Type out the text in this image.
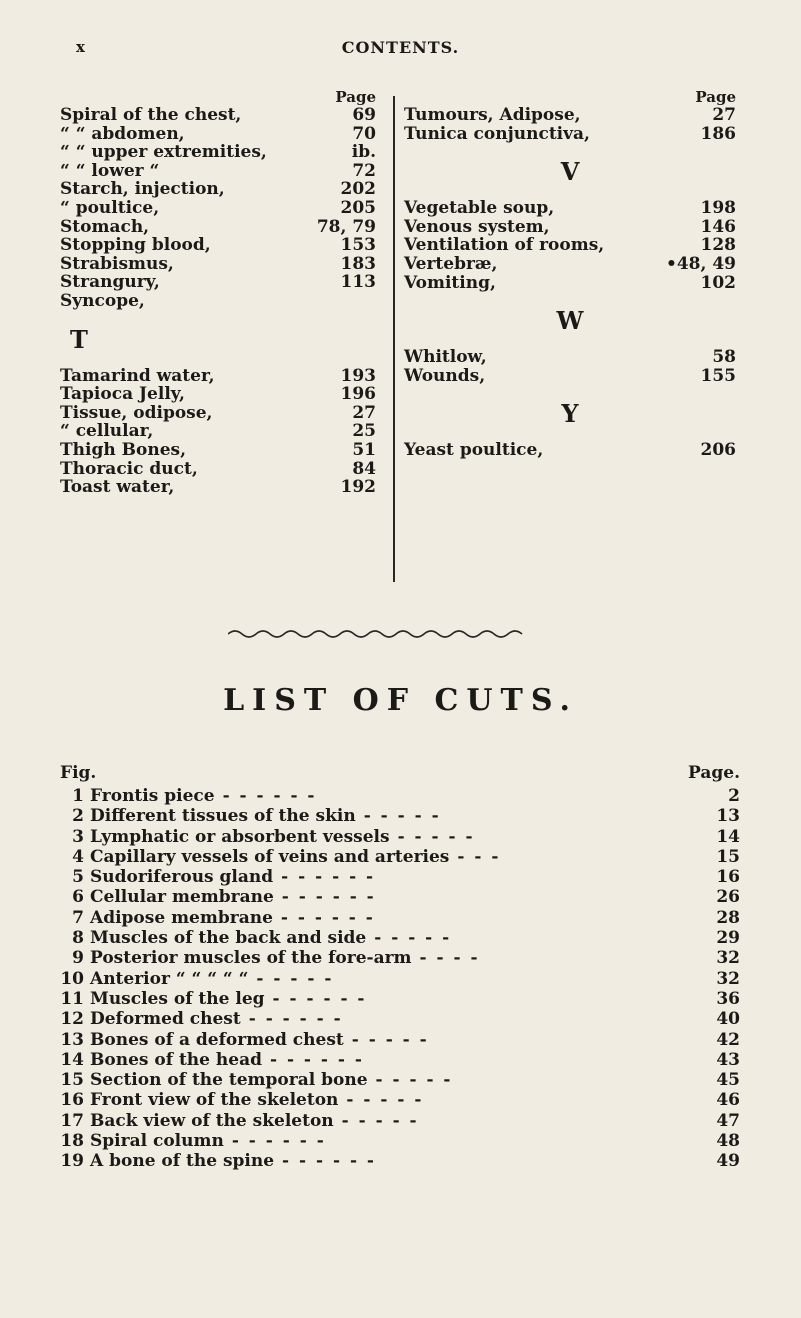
x	CONTENTS.
Page
Spiral of the chest,	69
“ “ abdomen,	70
“ “ upper extremities,	ib.
“ “ lower “	72
Starch, injection,	202
“ poultice,	205
Stomach,	78, 79
Stopping blood,	153
Strabismus,	183
Strangury,	113
Syncope,
T
Tamarind water,	193
Tapioca Jelly,	196
Tissue, odipose,	27
“ cellular,	25
Thigh Bones,	51
Thoracic duct,	84
Toast water,	192
Page
Tumours, Adipose,	27
Tunica conjunctiva,	186
V
Vegetable soup,	198
Venous system,	146
Ventilation of rooms,	128
Vertebræ,	•48, 49
Vomiting,	102
W
Whitlow,	58
Wounds,	155
Y
Yeast poultice,	206
LIST OF CUTS.
Fig.	Page.
1 Frontis piece - - - - - -	2
2 Different tissues of the skin - - - - -	13
3 Lymphatic or absorbent vessels - - - - -	14
4 Capillary vessels of veins and arteries - - -	15
5 Sudoriferous gland - - - - - -	16
6 Cellular membrane - - - - - -	26
7 Adipose membrane - - - - - -	28
8 Muscles of the back and side - - - - -	29
9 Posterior muscles of the fore-arm - - - -	32
10 Anterior “ “ “ “ “ - - - - -	32
11 Muscles of the leg - - - - - -	36
12 Deformed chest - - - - - -	40
13 Bones of a deformed chest - - - - -	42
14 Bones of the head - - - - - -	43
15 Section of the temporal bone - - - - -	45
16 Front view of the skeleton - - - - -	46
17 Back view of the skeleton - - - - -	47
18 Spiral column - - - - - -	48
19 A bone of the spine - - - - - -	49
